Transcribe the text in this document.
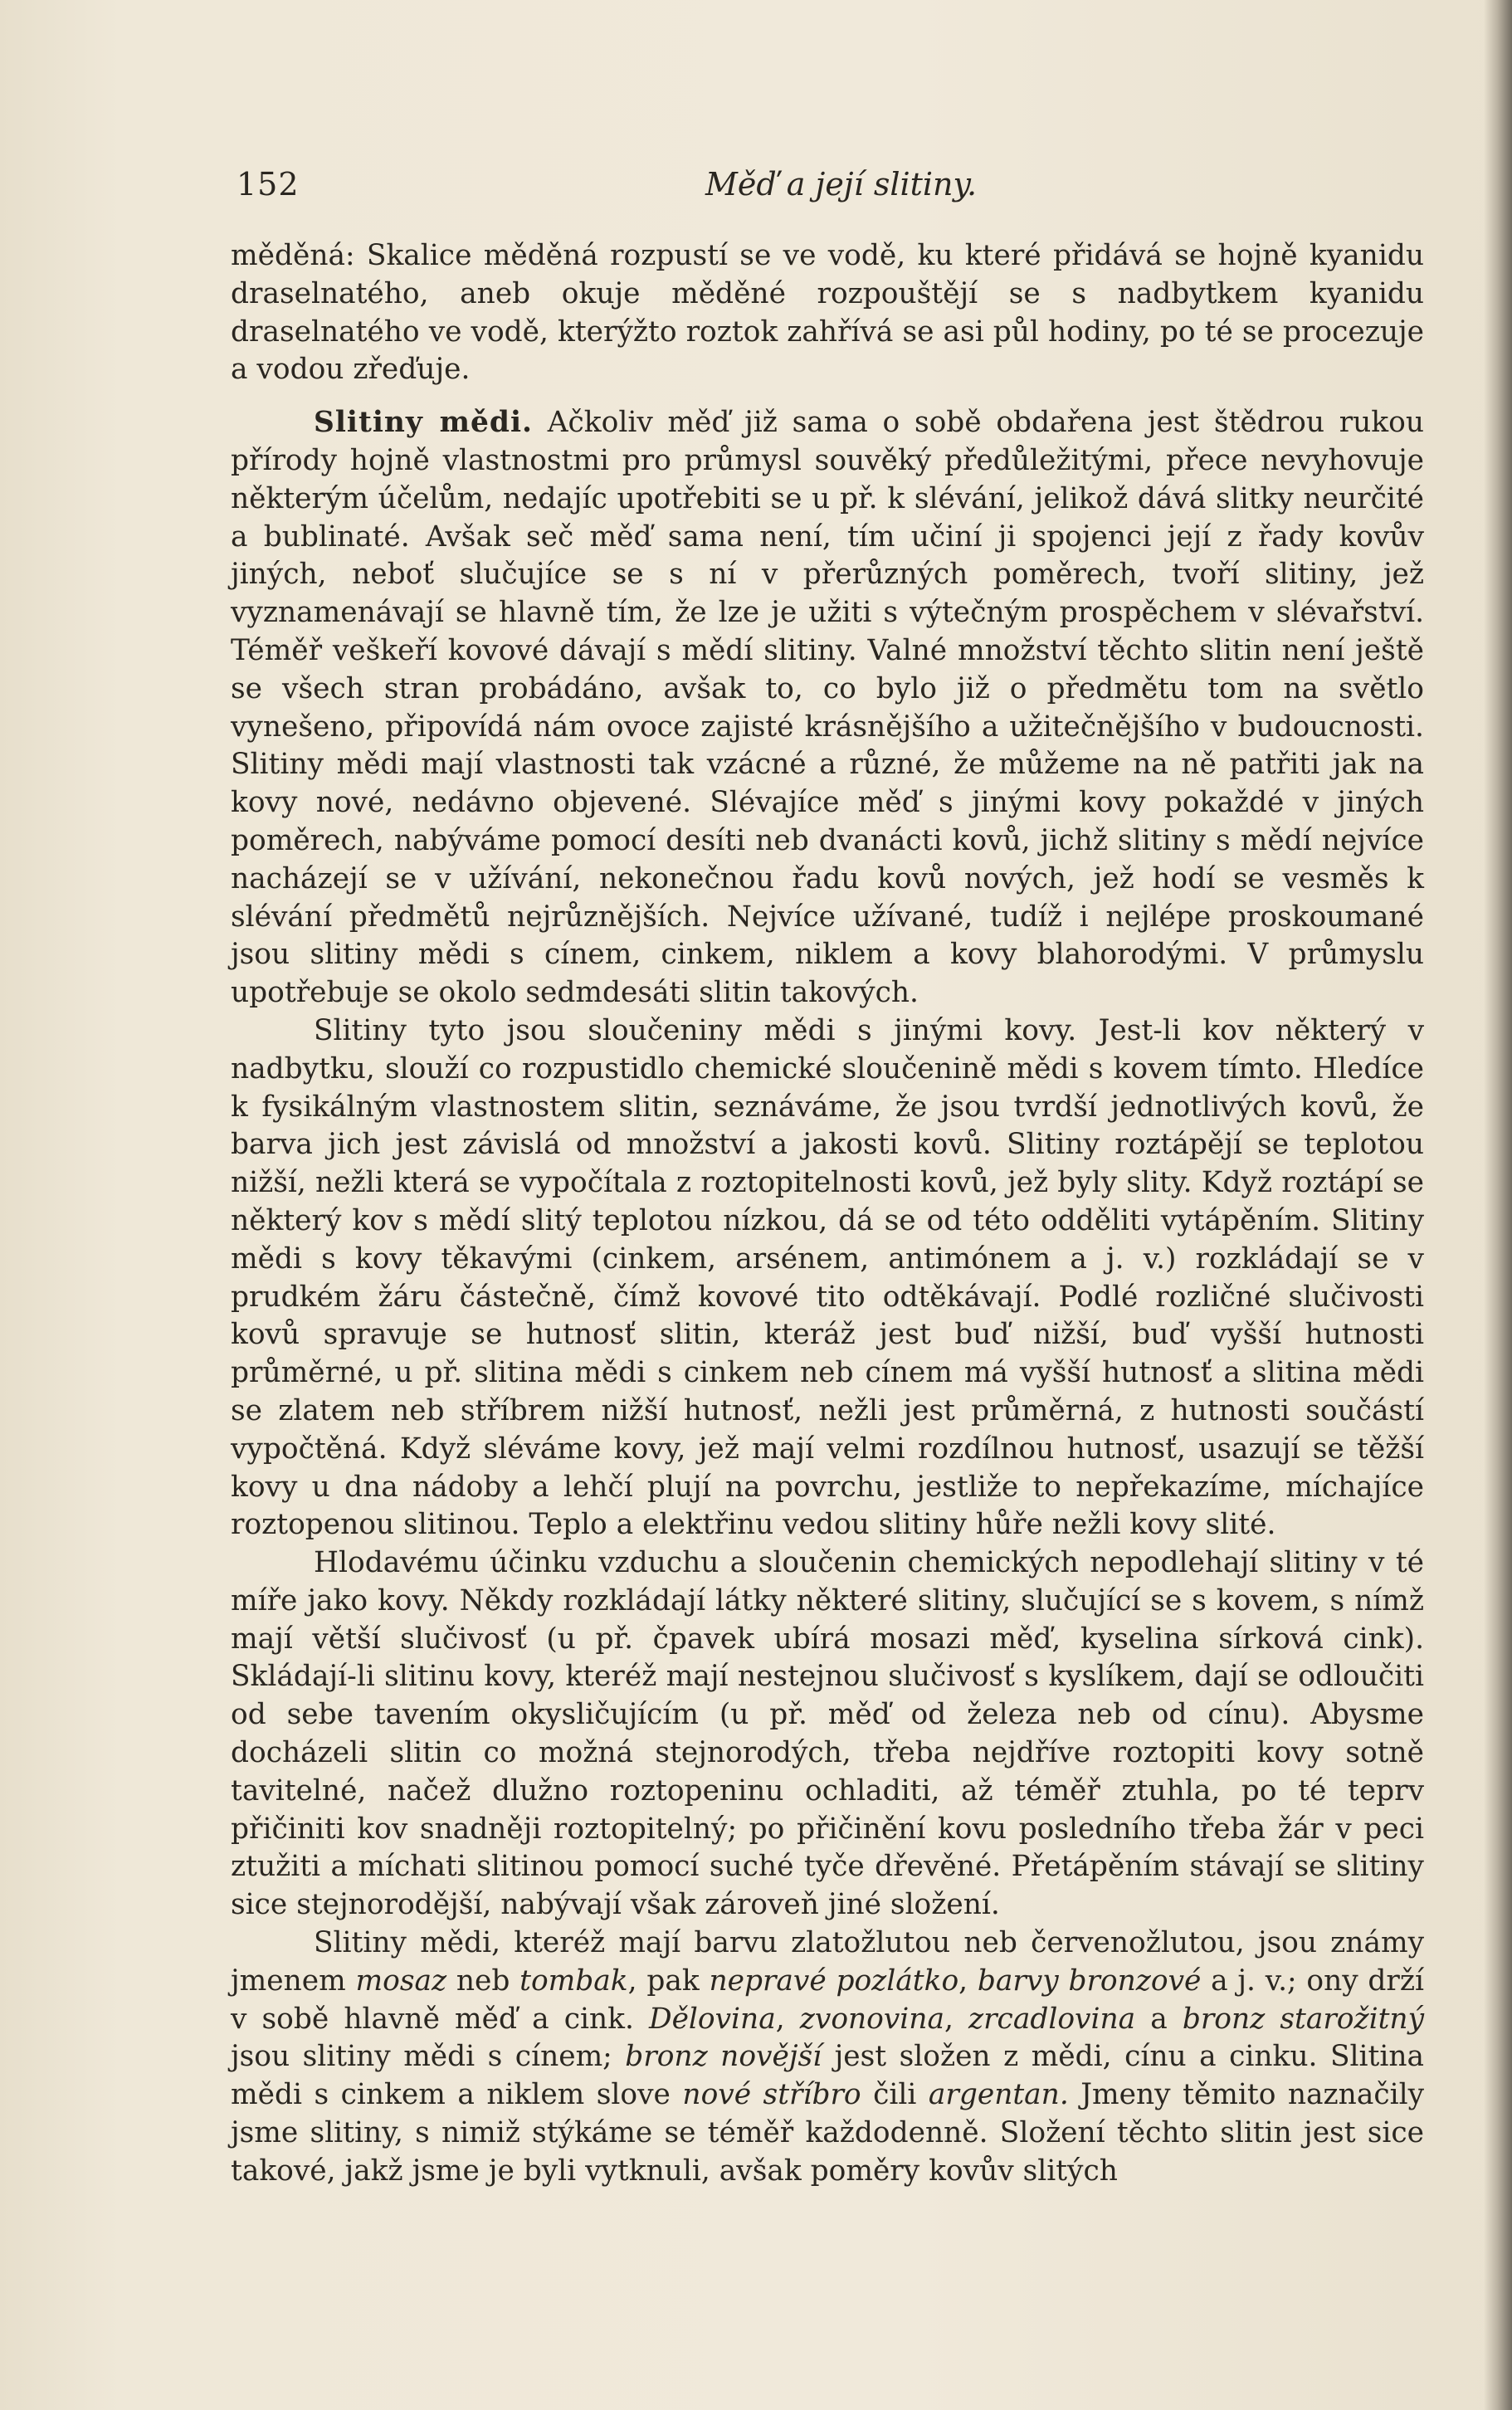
152	Měď a její slitiny.

měděná: Skalice měděná rozpustí se ve vodě, ku které přidává se hojně kyanidu draselnatého, aneb okuje měděné rozpouštějí se s nadbytkem kyanidu draselnatého ve vodě, kterýžto roztok zahřívá se asi půl hodiny, po té se procezuje a vodou zřeďuje.

Slitiny mědi. Ačkoliv měď již sama o sobě obdařena jest štědrou rukou přírody hojně vlastnostmi pro průmysl souvěký předůležitými, přece nevyhovuje některým účelům, nedajíc upotřebiti se u př. k slévání, jelikož dává slitky neurčité a bublinaté. Avšak seč měď sama není, tím učiní ji spojenci její z řady kovův jiných, neboť slučujíce se s ní v přerůzných poměrech, tvoří slitiny, jež vyznamenávají se hlavně tím, že lze je užiti s výtečným prospěchem v slévařství. Téměř veškeří kovové dávají s mědí slitiny. Valné množství těchto slitin není ještě se všech stran probádáno, avšak to, co bylo již o předmětu tom na světlo vynešeno, připovídá nám ovoce zajisté krásnějšího a užitečnějšího v budoucnosti. Slitiny mědi mají vlastnosti tak vzácné a různé, že můžeme na ně patřiti jak na kovy nové, nedávno objevené. Slévajíce měď s jinými kovy pokaždé v jiných poměrech, nabýváme pomocí desíti neb dvanácti kovů, jichž slitiny s mědí nejvíce nacházejí se v užívání, nekonečnou řadu kovů nových, jež hodí se vesměs k slévání předmětů nejrůznějších. Nejvíce užívané, tudíž i nejlépe proskoumané jsou slitiny mědi s cínem, cinkem, niklem a kovy blahorodými. V průmyslu upotřebuje se okolo sedmdesáti slitin takových.

Slitiny tyto jsou sloučeniny mědi s jinými kovy. Jest-li kov některý v nadbytku, slouží co rozpustidlo chemické sloučenině mědi s kovem tímto. Hledíce k fysikálným vlastnostem slitin, seznáváme, že jsou tvrdší jednotlivých kovů, že barva jich jest závislá od množství a jakosti kovů. Slitiny roztápějí se teplotou nižší, nežli která se vypočítala z roztopitelnosti kovů, jež byly slity. Když roztápí se některý kov s mědí slitý teplotou nízkou, dá se od této odděliti vytápěním. Slitiny mědi s kovy těkavými (cinkem, arsénem, antimónem a j. v.) rozkládají se v prudkém žáru částečně, čímž kovové tito odtěkávají. Podlé rozličné slučivosti kovů spravuje se hutnosť slitin, kteráž jest buď nižší, buď vyšší hutnosti průměrné, u př. slitina mědi s cinkem neb cínem má vyšší hutnosť a slitina mědi se zlatem neb stříbrem nižší hutnosť, nežli jest průměrná, z hutnosti součástí vypočtěná. Když sléváme kovy, jež mají velmi rozdílnou hutnosť, usazují se těžší kovy u dna nádoby a lehčí plují na povrchu, jestliže to nepřekazíme, míchajíce roztopenou slitinou. Teplo a elektřinu vedou slitiny hůře nežli kovy slité.

Hlodavému účinku vzduchu a sloučenin chemických nepodlehají slitiny v té míře jako kovy. Někdy rozkládají látky některé slitiny, slučující se s kovem, s nímž mají větší slučivosť (u př. čpavek ubírá mosazi měď, kyselina sírková cink). Skládají-li slitinu kovy, kteréž mají nestejnou slučivosť s kyslíkem, dají se odloučiti od sebe tavením okysličujícím (u př. měď od železa neb od cínu). Abysme docházeli slitin co možná stejnorodých, třeba nejdříve roztopiti kovy sotně tavitelné, načež dlužno roztopeninu ochladiti, až téměř ztuhla, po té teprv přičiniti kov snadněji roztopitelný; po přičinění kovu posledního třeba žár v peci ztužiti a míchati slitinou pomocí suché tyče dřevěné. Přetápěním stávají se slitiny sice stejnorodější, nabývají však zároveň jiné složení.

Slitiny mědi, kteréž mají barvu zlatožlutou neb červenožlutou, jsou známy jmenem mosaz neb tombak, pak nepravé pozlátko, barvy bronzové a j. v.; ony drží v sobě hlavně měď a cink. Dělovina, zvonovina, zrcadlovina a bronz starožitný jsou slitiny mědi s cínem; bronz novější jest složen z mědi, cínu a cinku. Slitina mědi s cinkem a niklem slove nové stříbro čili argentan. Jmeny těmito naznačily jsme slitiny, s nimiž stýkáme se téměř každodenně. Složení těchto slitin jest sice takové, jakž jsme je byli vytknuli, avšak poměry kovův slitých
